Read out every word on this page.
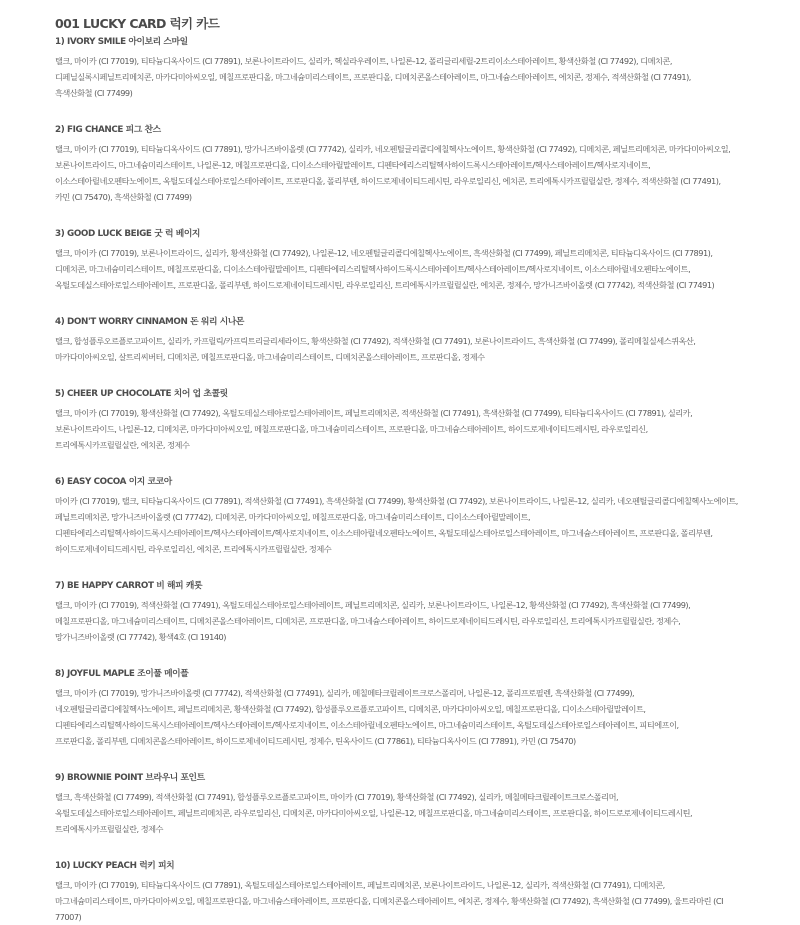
001 LUCKY CARD 럭키 카드
1) IVORY SMILE 아이보리 스마일
탤크, 마이카 (CI 77019), 티타늄디옥사이드 (CI 77891), 보론나이트라이드, 실리카, 헥실라우레이트, 나일론-12, 폴리글리세릴-2트리이소스테아레이트, 황색산화철 (CI 77492), 디메치콘,
디페닐실록시페닐트리메치콘, 마카다미아씨오일, 메칠프로판디올, 마그네슘미리스테이트, 프로판디올, 디메치콘올스테아레이트, 마그네슘스테아레이트, 에치콘, 정제수, 적색산화철 (CI 77491),
흑색산화철 (CI 77499)
2) FIG CHANCE 피그 찬스
탤크, 마이카 (CI 77019), 티타늄디옥사이드 (CI 77891), 망가니즈바이올렛 (CI 77742), 실리카, 네오펜틸글리콜디에칠헥사노에이트, 황색산화철 (CI 77492), 디메치콘, 페닐트리메치콘, 마카다미아씨오일,
보론나이트라이드, 마그네슘미리스테이트, 나일론-12, 메칠프로판디올, 디이소스테아릴말레이트, 디펜타에리스리틸헥사하이드록시스테아레이트/헥사스테아레이트/헥사로지네이트,
이소스테아릴네오펜타노에이트, 옥틸도데실스테아로일스테아레이트, 프로판디올, 폴리부텐, 하이드로제네이티드레시틴, 라우로일리신, 에치콘, 트리에톡시카프릴릴실란, 정제수, 적색산화철 (CI 77491),
카민 (CI 75470), 흑색산화철 (CI 77499)
3) GOOD LUCK BEIGE 굿 럭 베이지
탤크, 마이카 (CI 77019), 보론나이트라이드, 실리카, 황색산화철 (CI 77492), 나일론-12, 네오펜틸글리콜디에칠헥사노에이트, 흑색산화철 (CI 77499), 페닐트리메치콘, 티타늄디옥사이드 (CI 77891),
디메치콘, 마그네슘미리스테이트, 메칠프로판디올, 디이소스테아릴말레이트, 디펜타에리스리틸헥사하이드록시스테아레이트/헥사스테아레이트/헥사로지네이트, 이소스테아릴네오펜타노에이트,
옥틸도데실스테아로일스테아레이트, 프로판디올, 폴리부텐, 하이드로제네이티드레시틴, 라우로일리신, 트리에톡시카프릴릴실란, 에치콘, 정제수, 망가니즈바이올렛 (CI 77742), 적색산화철 (CI 77491)
4) DON'T WORRY CINNAMON 돈 워리 시나몬
탤크, 합성플루오르플로고파이트, 실리카, 카프릴릭/카프릭트리글리세라이드, 황색산화철 (CI 77492), 적색산화철 (CI 77491), 보론나이트라이드, 흑색산화철 (CI 77499), 폴리메칠실세스퀴옥산,
마카다미아씨오일, 살트리씨버터, 디메치콘, 메칠프로판디올, 마그네슘미리스테이트, 디메치콘올스테아레이트, 프로판디올, 정제수
5) CHEER UP CHOCOLATE 치어 업 초콜릿
탤크, 마이카 (CI 77019), 황색산화철 (CI 77492), 옥틸도데실스테아로일스테아레이트, 페닐트리메치콘, 적색산화철 (CI 77491), 흑색산화철 (CI 77499), 티타늄디옥사이드 (CI 77891), 실리카,
보론나이트라이드, 나일론-12, 디메치콘, 마카다미아씨오일, 메칠프로판디올, 마그네슘미리스테이트, 프로판디올, 마그네슘스테아레이트, 하이드로제네이티드레시틴, 라우로일리신,
트리에톡시카프릴릴실란, 에치콘, 정제수
6) EASY COCOA 이지 코코아
마이카 (CI 77019), 탤크, 티타늄디옥사이드 (CI 77891), 적색산화철 (CI 77491), 흑색산화철 (CI 77499), 황색산화철 (CI 77492), 보론나이트라이드, 나일론-12, 실리카, 네오펜틸글리콜디에칠헥사노에이트,
페닐트리메치콘, 망가니즈바이올렛 (CI 77742), 디메치콘, 마카다미아씨오일, 메칠프로판디올, 마그네슘미리스테이트, 디이소스테아릴말레이트,
디펜타에리스리틸헥사하이드록시스테아레이트/헥사스테아레이트/헥사로지네이트, 이소스테아릴네오펜타노에이트, 옥틸도데실스테아로일스테아레이트, 마그네슘스테아레이트, 프로판디올, 폴리부텐,
하이드로제네이티드레시틴, 라우로일리신, 에치콘, 트리에톡시카프릴릴실란, 정제수
7) BE HAPPY CARROT 비 해피 캐롯
탤크, 마이카 (CI 77019), 적색산화철 (CI 77491), 옥틸도데실스테아로일스테아레이트, 페닐트리메치콘, 실리카, 보론나이트라이드, 나일론-12, 황색산화철 (CI 77492), 흑색산화철 (CI 77499),
메칠프로판디올, 마그네슘미리스테이트, 디메치콘올스테아레이트, 디메치콘, 프로판디올, 마그네슘스테아레이트, 하이드로제네이티드레시틴, 라우로일리신, 트리에톡시카프릴릴실란, 정제수,
망가니즈바이올렛 (CI 77742), 황색4호 (CI 19140)
8) JOYFUL MAPLE 조이풀 메이플
탤크, 마이카 (CI 77019), 망가니즈바이올렛 (CI 77742), 적색산화철 (CI 77491), 실리카, 메칠메타크릴레이트크로스폴리머, 나일론-12, 폴리프로필렌, 흑색산화철 (CI 77499),
네오펜틸글리콜디에칠헥사노에이트, 페닐트리메치콘, 황색산화철 (CI 77492), 합성플루오르플로고파이트, 디메치콘, 마카다미아씨오일, 메칠프로판디올, 디이소스테아릴말레이트,
디펜타에리스리틸헥사하이드록시스테아레이트/헥사스테아레이트/헥사로지네이트, 이소스테아릴네오펜타노에이트, 마그네슘미리스테이트, 옥틸도데실스테아로일스테아레이트, 피티에프이,
프로판디올, 폴리부텐, 디메치콘올스테아레이트, 하이드로제네이티드레시틴, 정제수, 틴옥사이드 (CI 77861), 티타늄디옥사이드 (CI 77891), 카민 (CI 75470)
9) BROWNIE POINT 브라우니 포인트
탤크, 흑색산화철 (CI 77499), 적색산화철 (CI 77491), 합성플루오르플로고파이트, 마이카 (CI 77019), 황색산화철 (CI 77492), 실리카, 메칠메타크릴레이트크로스폴리머,
옥틸도데실스테아로일스테아레이트, 페닐트리메치콘, 라우로일리신, 디메치콘, 마카다미아씨오일, 나일론-12, 메칠프로판디올, 마그네슘미리스테이트, 프로판디올, 하이드로로제네이티드레시틴,
트리에톡시카프릴릴실란, 정제수
10) LUCKY PEACH 럭키 피치
탤크, 마이카 (CI 77019), 티타늄디옥사이드 (CI 77891), 옥틸도데실스테아로일스테아레이트, 페닐트리메치콘, 보론나이트라이드, 나일론-12, 실리카, 적색산화철 (CI 77491), 디메치콘,
마그네슘미리스테이트, 마카다미아씨오일, 메칠프로판디올, 마그네슘스테아레이트, 프로판디올, 디메치콘올스테아레이트, 에치콘, 정제수, 황색산화철 (CI 77492), 흑색산화철 (CI 77499), 울트라마린 (CI
77007)
